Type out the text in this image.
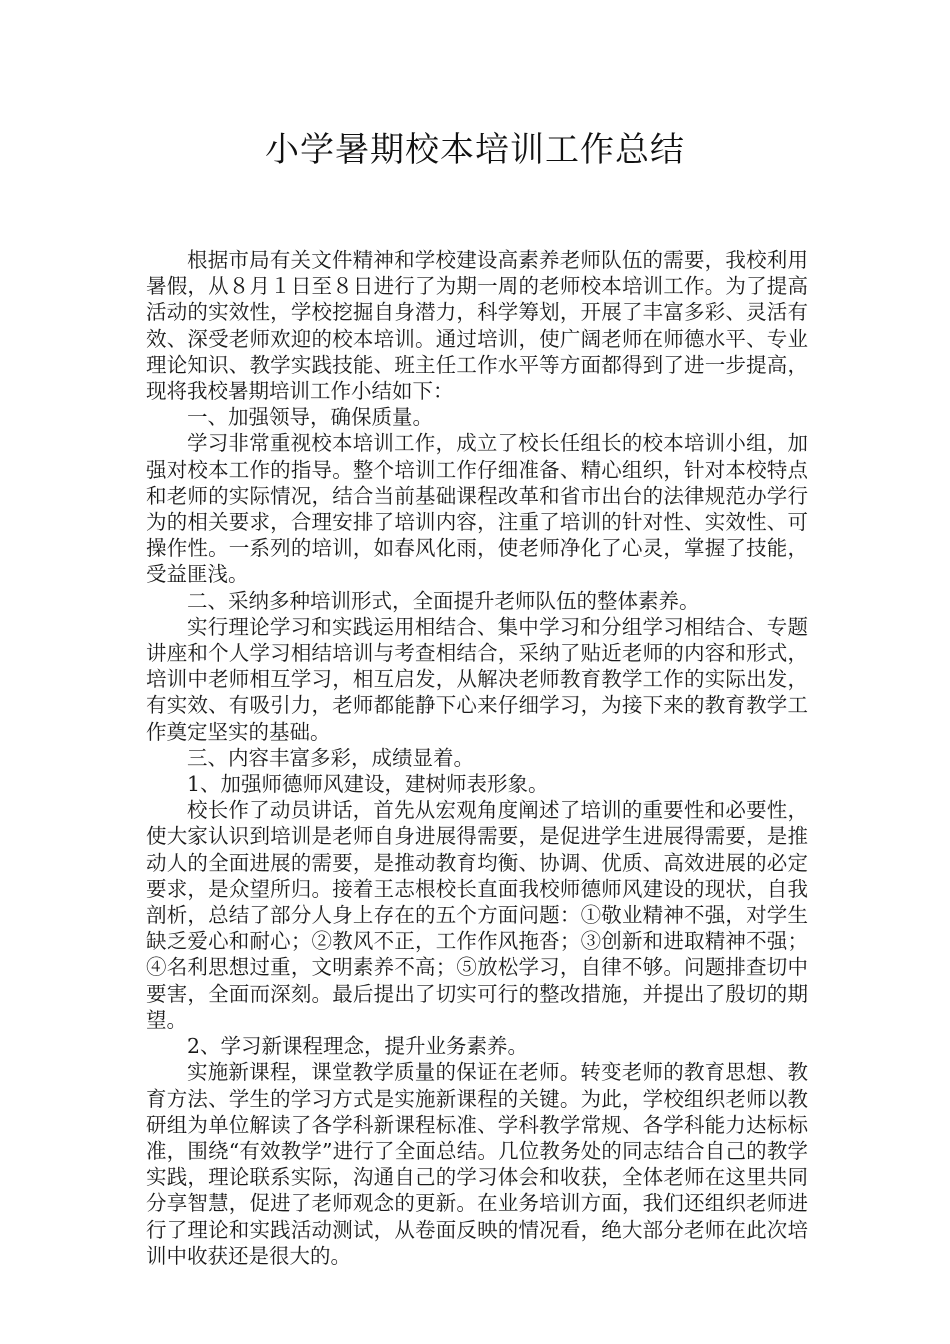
小学暑期校本培训工作总结

根据市局有关文件精神和学校建设高素养老师队伍的需要，我校利用暑假，从８月１日至８日进行了为期一周的老师校本培训工作。为了提高活动的实效性，学校挖掘自身潜力，科学筹划，开展了丰富多彩、灵活有效、深受老师欢迎的校本培训。通过培训，使广阔老师在师德水平、专业理论知识、教学实践技能、班主任工作水平等方面都得到了进一步提高，现将我校暑期培训工作小结如下：

一、加强领导，确保质量。

学习非常重视校本培训工作，成立了校长任组长的校本培训小组，加强对校本工作的指导。整个培训工作仔细准备、精心组织，针对本校特点和老师的实际情况，结合当前基础课程改革和省市出台的法律规范办学行为的相关要求，合理安排了培训内容，注重了培训的针对性、实效性、可操作性。一系列的培训，如春风化雨，使老师净化了心灵，掌握了技能，受益匪浅。

二、采纳多种培训形式，全面提升老师队伍的整体素养。

实行理论学习和实践运用相结合、集中学习和分组学习相结合、专题讲座和个人学习相结培训与考查相结合，采纳了贴近老师的内容和形式，培训中老师相互学习，相互启发，从解决老师教育教学工作的实际出发，有实效、有吸引力，老师都能静下心来仔细学习，为接下来的教育教学工作奠定坚实的基础。

三、内容丰富多彩，成绩显着。

1、加强师德师风建设，建树师表形象。

校长作了动员讲话，首先从宏观角度阐述了培训的重要性和必要性，使大家认识到培训是老师自身进展得需要，是促进学生进展得需要，是推动人的全面进展的需要，是推动教育均衡、协调、优质、高效进展的必定要求，是众望所归。接着王志根校长直面我校师德师风建设的现状，自我剖析，总结了部分人身上存在的五个方面问题：①敬业精神不强，对学生缺乏爱心和耐心；②教风不正，工作作风拖沓；③创新和进取精神不强；④名利思想过重，文明素养不高；⑤放松学习，自律不够。问题排查切中要害，全面而深刻。最后提出了切实可行的整改措施，并提出了殷切的期望。

2、学习新课程理念，提升业务素养。

实施新课程，课堂教学质量的保证在老师。转变老师的教育思想、教育方法、学生的学习方式是实施新课程的关键。为此，学校组织老师以教研组为单位解读了各学科新课程标准、学科教学常规、各学科能力达标标准，围绕“有效教学”进行了全面总结。几位教务处的同志结合自己的教学实践，理论联系实际，沟通自己的学习体会和收获，全体老师在这里共同分享智慧，促进了老师观念的更新。在业务培训方面，我们还组织老师进行了理论和实践活动测试，从卷面反映的情况看，绝大部分老师在此次培训中收获还是很大的。
